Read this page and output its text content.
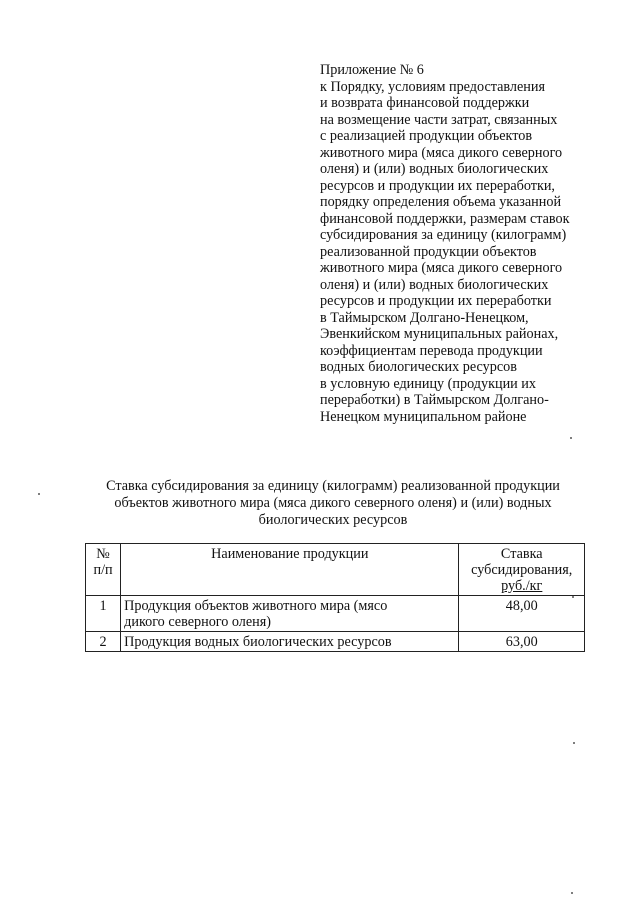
Приложение № 6
к Порядку, условиям предоставления
и возврата финансовой поддержки
на возмещение части затрат, связанных
с реализацией продукции объектов
животного мира (мяса дикого северного
оленя) и (или) водных биологических
ресурсов и продукции их переработки,
порядку определения объема указанной
финансовой поддержки, размерам ставок
субсидирования за единицу (килограмм)
реализованной продукции объектов
животного мира (мяса дикого северного
оленя) и (или) водных биологических
ресурсов и продукции их переработки
в Таймырском Долгано-Ненецком,
Эвенкийском муниципальных районах,
коэффициентам перевода продукции
водных биологических ресурсов
в условную единицу (продукции их
переработки) в Таймырском Долгано-
Ненецком муниципальном районе
Ставка субсидирования за единицу (килограмм) реализованной продукции
объектов животного мира (мяса дикого северного оленя) и (или) водных
биологических ресурсов
№
п/п	Наименование продукции	Ставка
субсидирования,
руб./кг
1	Продукция объектов животного мира (мясо
дикого северного оленя)	48,00
2	Продукция водных биологических ресурсов	63,00
